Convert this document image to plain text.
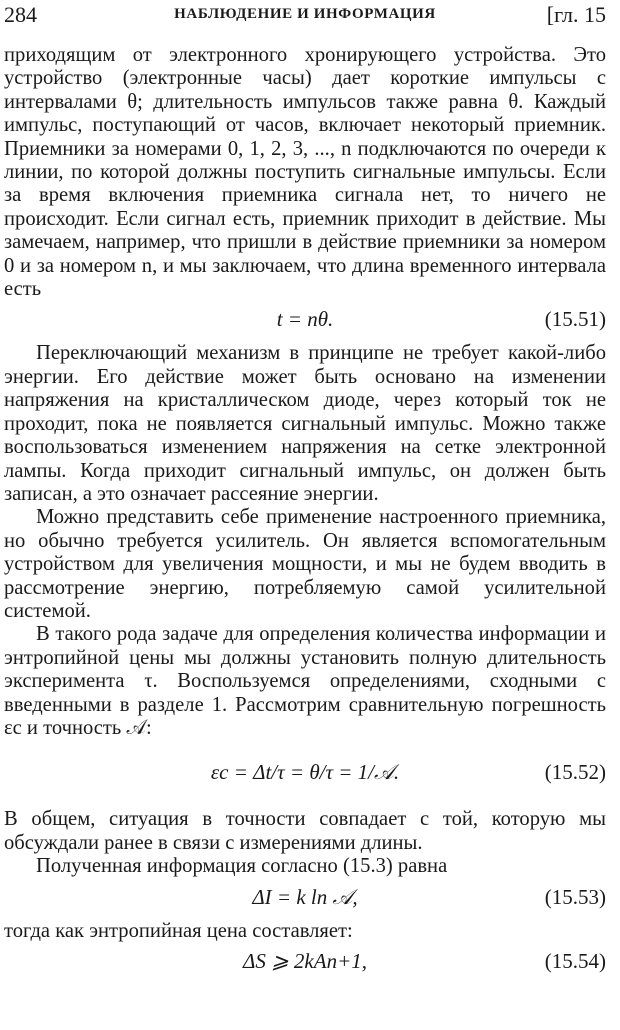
284	НАБЛЮДЕНИЕ И ИНФОРМАЦИЯ	[гл. 15

приходящим от электронного хронирующего устройства. Это устройство (электронные часы) дает короткие импульсы с интервалами θ; длительность импульсов также равна θ. Каждый импульс, поступающий от часов, включает некоторый приемник. Приемники за номерами 0, 1, 2, 3, ..., n подключаются по очереди к линии, по которой должны поступить сигнальные импульсы. Если за время включения приемника сигнала нет, то ничего не происходит. Если сигнал есть, приемник приходит в действие. Мы замечаем, например, что пришли в действие приемники за номером 0 и за номером n, и мы заключаем, что длина временного интервала есть

t = nθ.	(15.51)

Переключающий механизм в принципе не требует какой-либо энергии. Его действие может быть основано на изменении напряжения на кристаллическом диоде, через который ток не проходит, пока не появляется сигнальный импульс. Можно также воспользоваться изменением напряжения на сетке электронной лампы. Когда приходит сигнальный импульс, он должен быть записан, а это означает рассеяние энергии.

Можно представить себе применение настроенного приемника, но обычно требуется усилитель. Он является вспомогательным устройством для увеличения мощности, и мы не будем вводить в рассмотрение энергию, потребляемую самой усилительной системой.

В такого рода задаче для определения количества информации и энтропийной цены мы должны установить полную длительность эксперимента τ. Воспользуемся определениями, сходными с введенными в разделе 1. Рассмотрим сравнительную погрешность εc и точность 𝒜:

εc = Δt/τ = θ/τ = 1/𝒜.	(15.52)

В общем, ситуация в точности совпадает с той, которую мы обсуждали ранее в связи с измерениями длины.

Полученная информация согласно (15.3) равна

ΔI = k ln 𝒜,	(15.53)

тогда как энтропийная цена составляет:

ΔS ⩾ 2kAn+1,	(15.54)
